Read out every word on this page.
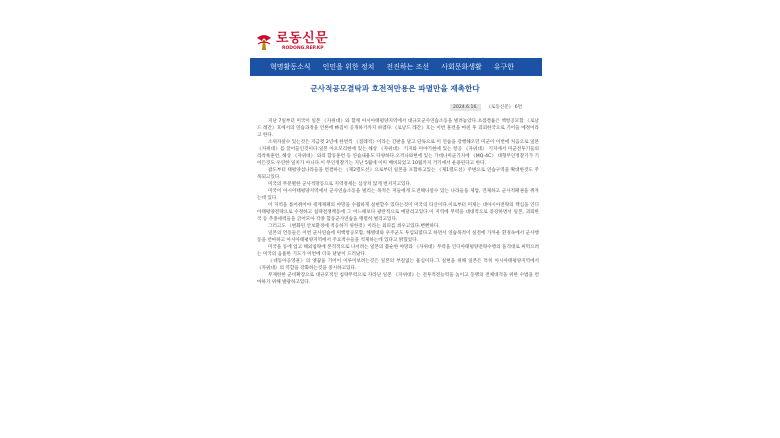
로동신문
RODONG.REP.KP
혁명활동소식	인민을 위한 정치	전진하는 조선	사회문화생활	유구한
군사적공모결탁과 호전적만용은 파멸만을 재촉한다
2024.6.16. 《로동신문》 6면

지난 7일부터 미국이 일본 《자위대》와 함께 아시아태평양지역에서 대규모군사연습소동을 벌려놓았다.초점결률은 핵항공모함 《로날드 레간》호에서의 연습과정을 언론에 빠짐이 공개하기까지 하였다.《로날드 레간》호는 이번 훈련을 마친 후 괴뢰한국으로 기어들 예정이라고 한다.

소위자살수 있는것은 지금껏 2년에 한번씩 《점례적》이라는 간판을 달고 단독으로 이 연습을 강행해오던 미군이 이번에 처음으로 일본 《자위대》를 끌어들인것이다.일본 아오모리현에 있는 해상 《자위대》 기지와 미야기현에 있는 항공 《자위대》 기지에서 미군전투기들의 리착륙훈련, 해상 《자위대》 와의 합동훈련 등 연습내용도 다양하다.오끼나와현에 있는 가데나미군기지에 《MQ-4C》 대형무인정찰기가 기어든것도 우연한 일치가 아니다.이 무인정찰기는 지난 5월에 이미 배비되었고 10월까지 거기에서 운용된다고 한다.

괌도부터 태평양섬나라들을 련결하는 《제2렬도선》으로부터 일본을 포함하고있는 《제1렬도선》주변으로 연습구역을 확대한것도 주목되고있다.

미국의 무분별한 군사적망동으로 지역정세는 심상치 않게 번져지고있다.

미국이 아시아태평양지역에서 군사연습소동을 벌리는 목적은 저들에게 도전해나설수 있는 나라들을 제압, 견제하고 군사적패권을 쥐자는데 있다.

이 지역을 틀어쥐어야 세계제패의 야망을 수월하게 실현할수 있다는것이 미국의 타산이다.이로부터 미제는 대아시아전략의 핵심을 인디아태평양전략으로 수정하고 침략전쟁책동에 그 어느때보다 광란적으로 매달리고있다.이 지역에 무력을 대대적으로 증강하면서 일본, 괴뢰한국 등 추종세력들을 긁어모아 각종 합동군사연습을 맹렬히 벌리고있다.

그러고도 《변화된 안보환경에 적응하기 위한것》이라는 외피를 씌우고있다.뻔뻔하다.

일본의 언동들은 이번 군사연습에 미핵항공모함, 해병대와 우주군도 투입되였다고 하면서 연습목적이 실전에 가까운 환경속에서 군사행동을 련마하고 아시아태평양지역에서 주요적수들을 억제하는데 있다고 밝혔었다.

미국을 등에 업고 해외침략에 본격적으로 나서려는 일본의 불순한 야망과 《자위대》무력을 인디아태평양전략수행의 돌격대로 써먹으려는 미국의 음흉한 기도가 이번에 더욱 낱낱이 드러났다.

《대동아공영권》의 옛꿈을 기어이 이루어보려는것은 일본의 부질없는 흉심이다.그 실현을 위해 일본은 특히 아시아태평양지역에서 《자위대》의 역할을 강화하는것을 중시하고있다.

무제한한 군비확장으로 대규모적인 침략무력으로 자라난 일본 《자위대》는 전투적전능력을 높이고 동맹의 전체대격을 위한 수법을 련마하기 위해 발광하고있다.
